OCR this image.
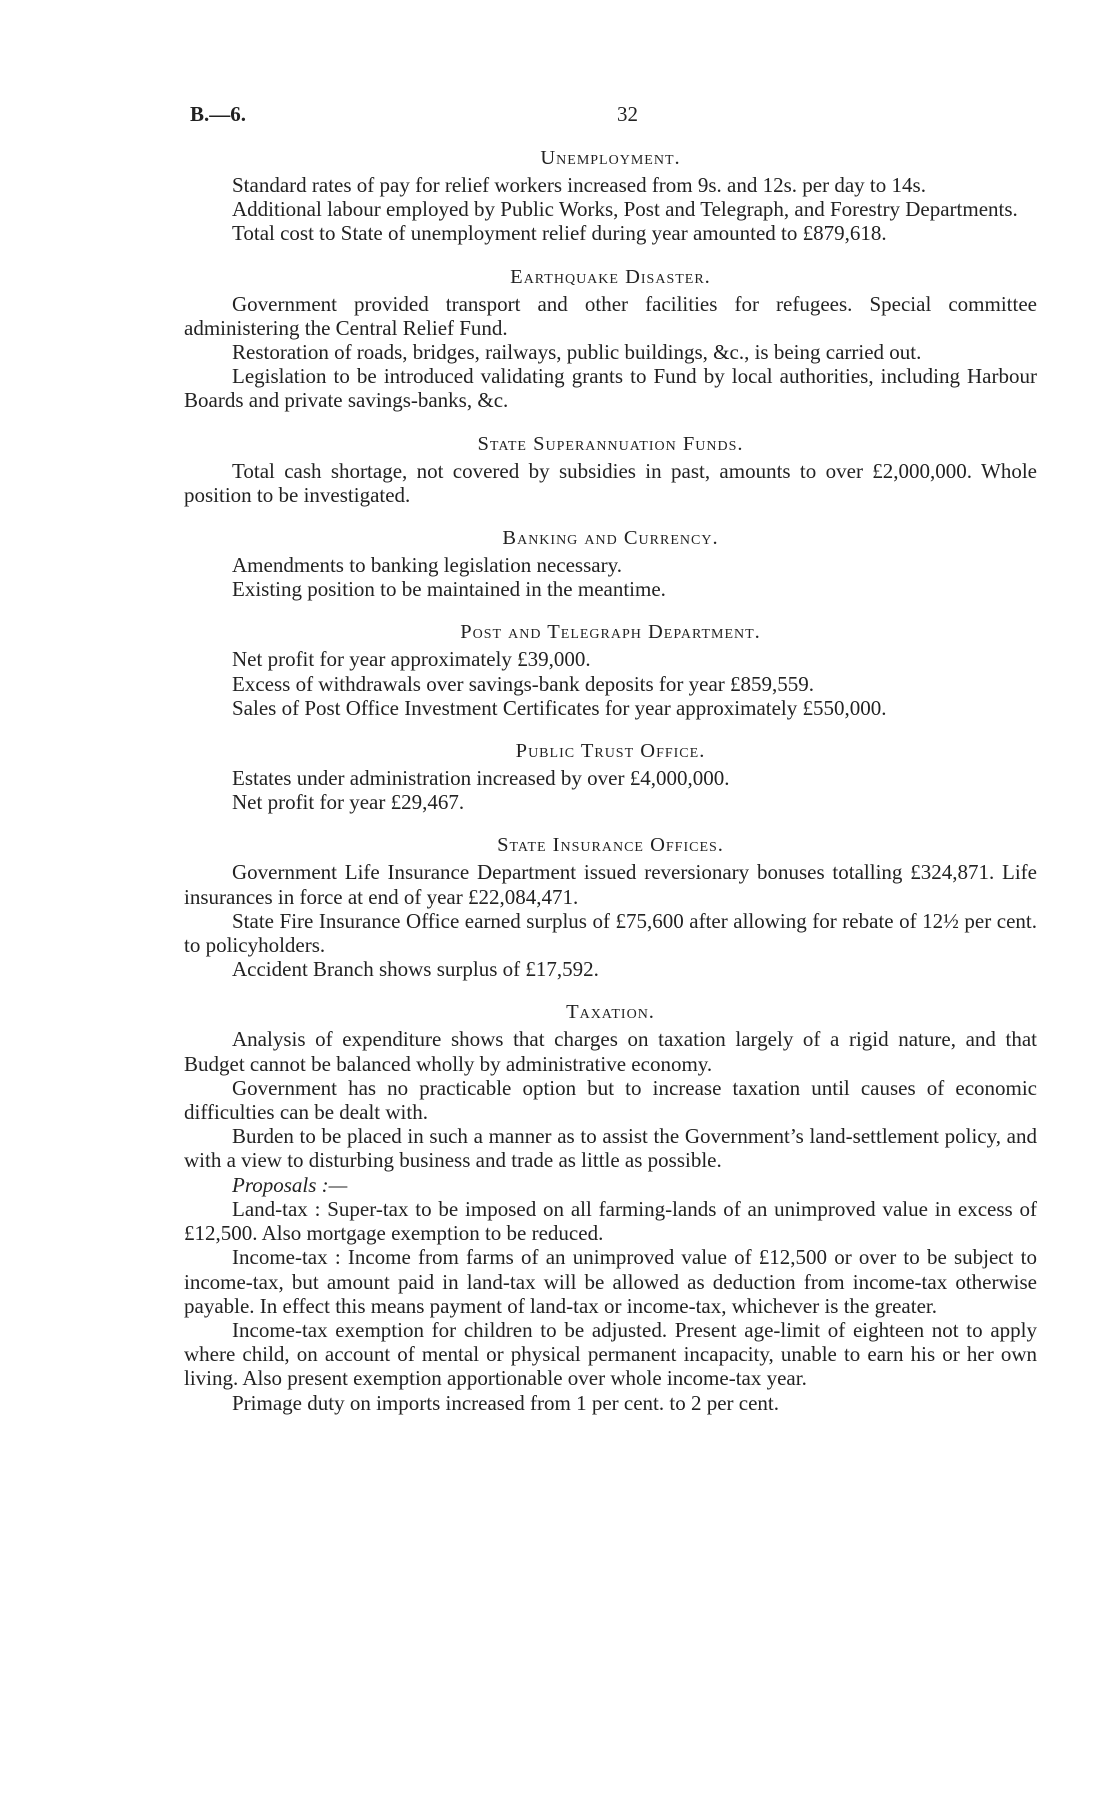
B.—6.	32
Unemployment.

Standard rates of pay for relief workers increased from 9s. and 12s. per day to 14s.

Additional labour employed by Public Works, Post and Telegraph, and Forestry Departments.

Total cost to State of unemployment relief during year amounted to £879,618.

Earthquake Disaster.

Government provided transport and other facilities for refugees. Special committee administering the Central Relief Fund.

Restoration of roads, bridges, railways, public buildings, &c., is being carried out.

Legislation to be introduced validating grants to Fund by local authorities, including Harbour Boards and private savings-banks, &c.

State Superannuation Funds.

Total cash shortage, not covered by subsidies in past, amounts to over £2,000,000. Whole position to be investigated.

Banking and Currency.

Amendments to banking legislation necessary.

Existing position to be maintained in the meantime.

Post and Telegraph Department.

Net profit for year approximately £39,000.

Excess of withdrawals over savings-bank deposits for year £859,559.

Sales of Post Office Investment Certificates for year approximately £550,000.

Public Trust Office.

Estates under administration increased by over £4,000,000.

Net profit for year £29,467.

State Insurance Offices.

Government Life Insurance Department issued reversionary bonuses totalling £324,871. Life insurances in force at end of year £22,084,471.

State Fire Insurance Office earned surplus of £75,600 after allowing for rebate of 12½ per cent. to policyholders.

Accident Branch shows surplus of £17,592.

Taxation.

Analysis of expenditure shows that charges on taxation largely of a rigid nature, and that Budget cannot be balanced wholly by administrative economy.

Government has no practicable option but to increase taxation until causes of economic difficulties can be dealt with.

Burden to be placed in such a manner as to assist the Government’s land-settlement policy, and with a view to disturbing business and trade as little as possible.

Proposals :—

Land-tax : Super-tax to be imposed on all farming-lands of an unimproved value in excess of £12,500. Also mortgage exemption to be reduced.

Income-tax : Income from farms of an unimproved value of £12,500 or over to be subject to income-tax, but amount paid in land-tax will be allowed as deduction from income-tax otherwise payable. In effect this means payment of land-tax or income-tax, whichever is the greater.

Income-tax exemption for children to be adjusted. Present age-limit of eighteen not to apply where child, on account of mental or physical permanent incapacity, unable to earn his or her own living. Also present exemption apportionable over whole income-tax year.

Primage duty on imports increased from 1 per cent. to 2 per cent.
